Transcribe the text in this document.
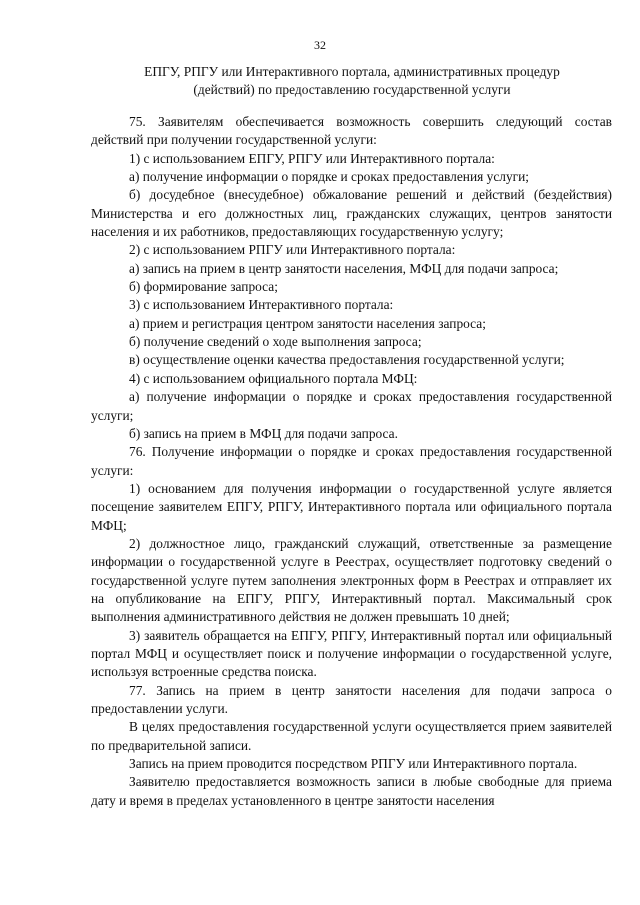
32
ЕПГУ, РПГУ или Интерактивного портала, административных процедур
(действий) по предоставлению государственной услуги

75. Заявителям обеспечивается возможность совершить следующий состав действий при получении государственной услуги:

1) с использованием ЕПГУ, РПГУ или Интерактивного портала:

а) получение информации о порядке и сроках предоставления услуги;

б) досудебное (внесудебное) обжалование решений и действий (бездействия) Министерства и его должностных лиц, гражданских служащих, центров занятости населения и их работников, предоставляющих государственную услугу;

2) с использованием РПГУ или Интерактивного портала:

а) запись на прием в центр занятости населения, МФЦ для подачи запроса;

б) формирование запроса;

3) с использованием Интерактивного портала:

а) прием и регистрация центром занятости населения запроса;

б) получение сведений о ходе выполнения запроса;

в) осуществление оценки качества предоставления государственной услуги;

4) с использованием официального портала МФЦ:

а) получение информации о порядке и сроках предоставления государственной услуги;

б) запись на прием в МФЦ для подачи запроса.

76. Получение информации о порядке и сроках предоставления государственной услуги:

1) основанием для получения информации о государственной услуге является посещение заявителем ЕПГУ, РПГУ, Интерактивного портала или официального портала МФЦ;

2) должностное лицо, гражданский служащий, ответственные за размещение информации о государственной услуге в Реестрах, осуществляет подготовку сведений о государственной услуге путем заполнения электронных форм в Реестрах и отправляет их на опубликование на ЕПГУ, РПГУ, Интерактивный портал. Максимальный срок выполнения административного действия не должен превышать 10 дней;

3) заявитель обращается на ЕПГУ, РПГУ, Интерактивный портал или официальный портал МФЦ и осуществляет поиск и получение информации о государственной услуге, используя встроенные средства поиска.

77. Запись на прием в центр занятости населения для подачи запроса о предоставлении услуги.

В целях предоставления государственной услуги осуществляется прием заявителей по предварительной записи.

Запись на прием проводится посредством РПГУ или Интерактивного портала.

Заявителю предоставляется возможность записи в любые свободные для приема дату и время в пределах установленного в центре занятости населения
